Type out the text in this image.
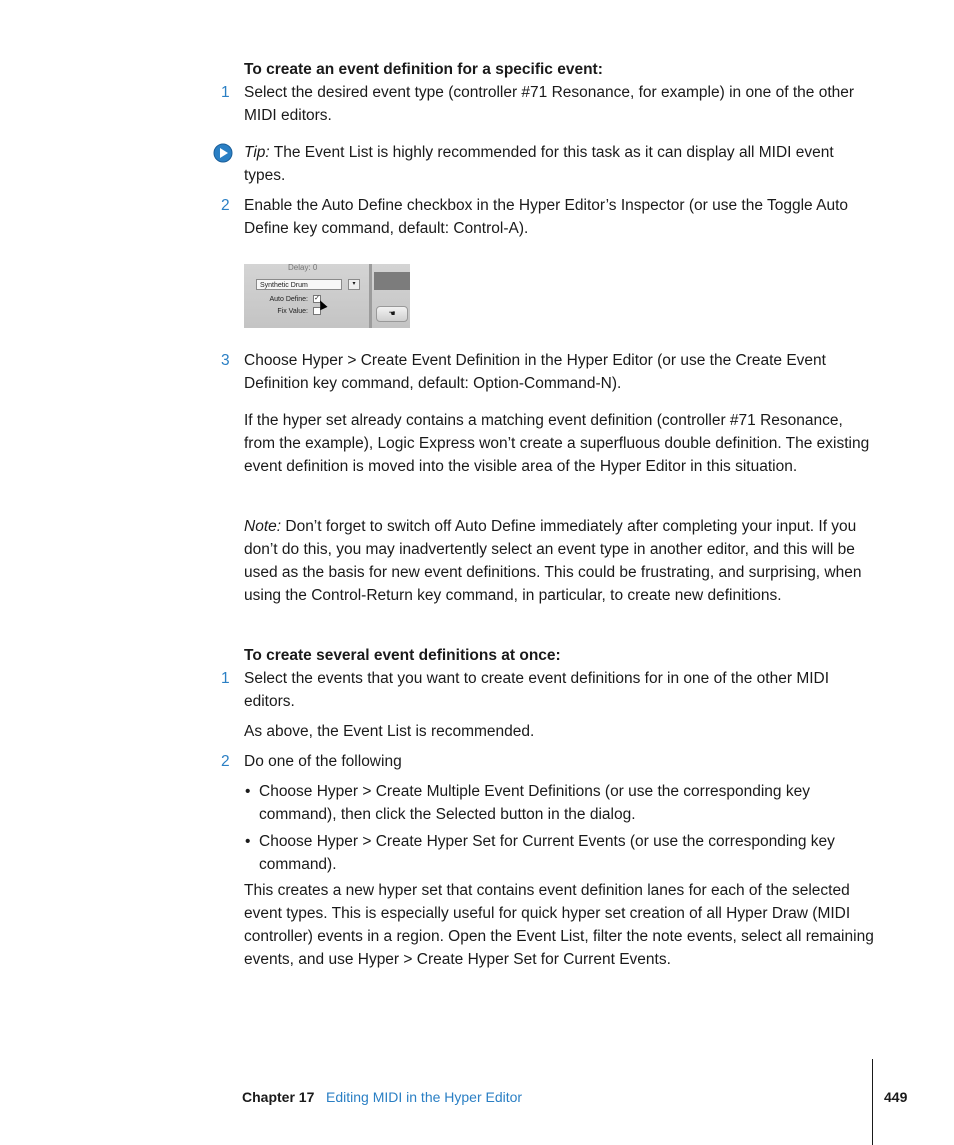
To create an event definition for a specific event:
1 Select the desired event type (controller #71 Resonance, for example) in one of the other MIDI editors.
Tip: The Event List is highly recommended for this task as it can display all MIDI event types.
2 Enable the Auto Define checkbox in the Hyper Editor’s Inspector (or use the Toggle Auto Define key command, default: Control-A).
Delay: 0
Synthetic Drum	▾
Auto Define: ✓
Fix Value:	☚
3 Choose Hyper > Create Event Definition in the Hyper Editor (or use the Create Event Definition key command, default: Option-Command-N).
If the hyper set already contains a matching event definition (controller #71 Resonance, from the example), Logic Express won’t create a superfluous double definition. The existing event definition is moved into the visible area of the Hyper Editor in this situation.
Note: Don’t forget to switch off Auto Define immediately after completing your input. If you don’t do this, you may inadvertently select an event type in another editor, and this will be used as the basis for new event definitions. This could be frustrating, and surprising, when using the Control-Return key command, in particular, to create new definitions.
To create several event definitions at once:
1 Select the events that you want to create event definitions for in one of the other MIDI editors.
As above, the Event List is recommended.
2 Do one of the following
• Choose Hyper > Create Multiple Event Definitions (or use the corresponding key command), then click the Selected button in the dialog.
• Choose Hyper > Create Hyper Set for Current Events (or use the corresponding key command).
This creates a new hyper set that contains event definition lanes for each of the selected event types. This is especially useful for quick hyper set creation of all Hyper Draw (MIDI controller) events in a region. Open the Event List, filter the note events, select all remaining events, and use Hyper > Create Hyper Set for Current Events.
Chapter 17 Editing MIDI in the Hyper Editor	449
